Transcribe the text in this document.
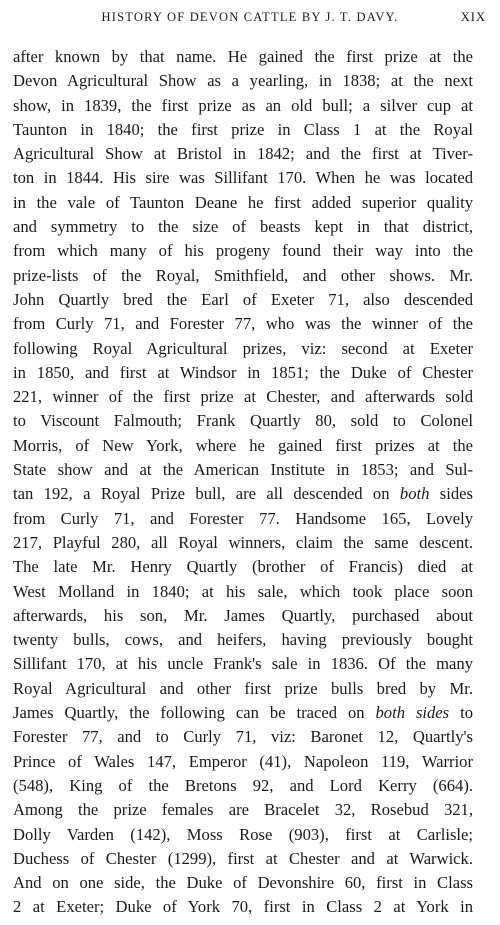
HISTORY OF DEVON CATTLE BY J. T. DAVY.	XIX
after known by that name. He gained the first prize at the
Devon Agricultural Show as a yearling, in 1838; at the next
show, in 1839, the first prize as an old bull; a silver cup at
Taunton in 1840; the first prize in Class 1 at the Royal
Agricultural Show at Bristol in 1842; and the first at Tiver-
ton in 1844. His sire was Sillifant 170. When he was located
in the vale of Taunton Deane he first added superior quality
and symmetry to the size of beasts kept in that district,
from which many of his progeny found their way into the
prize-lists of the Royal, Smithfield, and other shows. Mr.
John Quartly bred the Earl of Exeter 71, also descended
from Curly 71, and Forester 77, who was the winner of the
following Royal Agricultural prizes, viz: second at Exeter
in 1850, and first at Windsor in 1851; the Duke of Chester
221, winner of the first prize at Chester, and afterwards sold
to Viscount Falmouth; Frank Quartly 80, sold to Colonel
Morris, of New York, where he gained first prizes at the
State show and at the American Institute in 1853; and Sul-
tan 192, a Royal Prize bull, are all descended on both sides
from Curly 71, and Forester 77. Handsome 165, Lovely
217, Playful 280, all Royal winners, claim the same descent.
The late Mr. Henry Quartly (brother of Francis) died at
West Molland in 1840; at his sale, which took place soon
afterwards, his son, Mr. James Quartly, purchased about
twenty bulls, cows, and heifers, having previously bought
Sillifant 170, at his uncle Frank's sale in 1836. Of the many
Royal Agricultural and other first prize bulls bred by Mr.
James Quartly, the following can be traced on both sides to
Forester 77, and to Curly 71, viz: Baronet 12, Quartly's
Prince of Wales 147, Emperor (41), Napoleon 119, Warrior
(548), King of the Bretons 92, and Lord Kerry (664).
Among the prize females are Bracelet 32, Rosebud 321,
Dolly Varden (142), Moss Rose (903), first at Carlisle;
Duchess of Chester (1299), first at Chester and at Warwick.
And on one side, the Duke of Devonshire 60, first in Class
2 at Exeter; Duke of York 70, first in Class 2 at York in
